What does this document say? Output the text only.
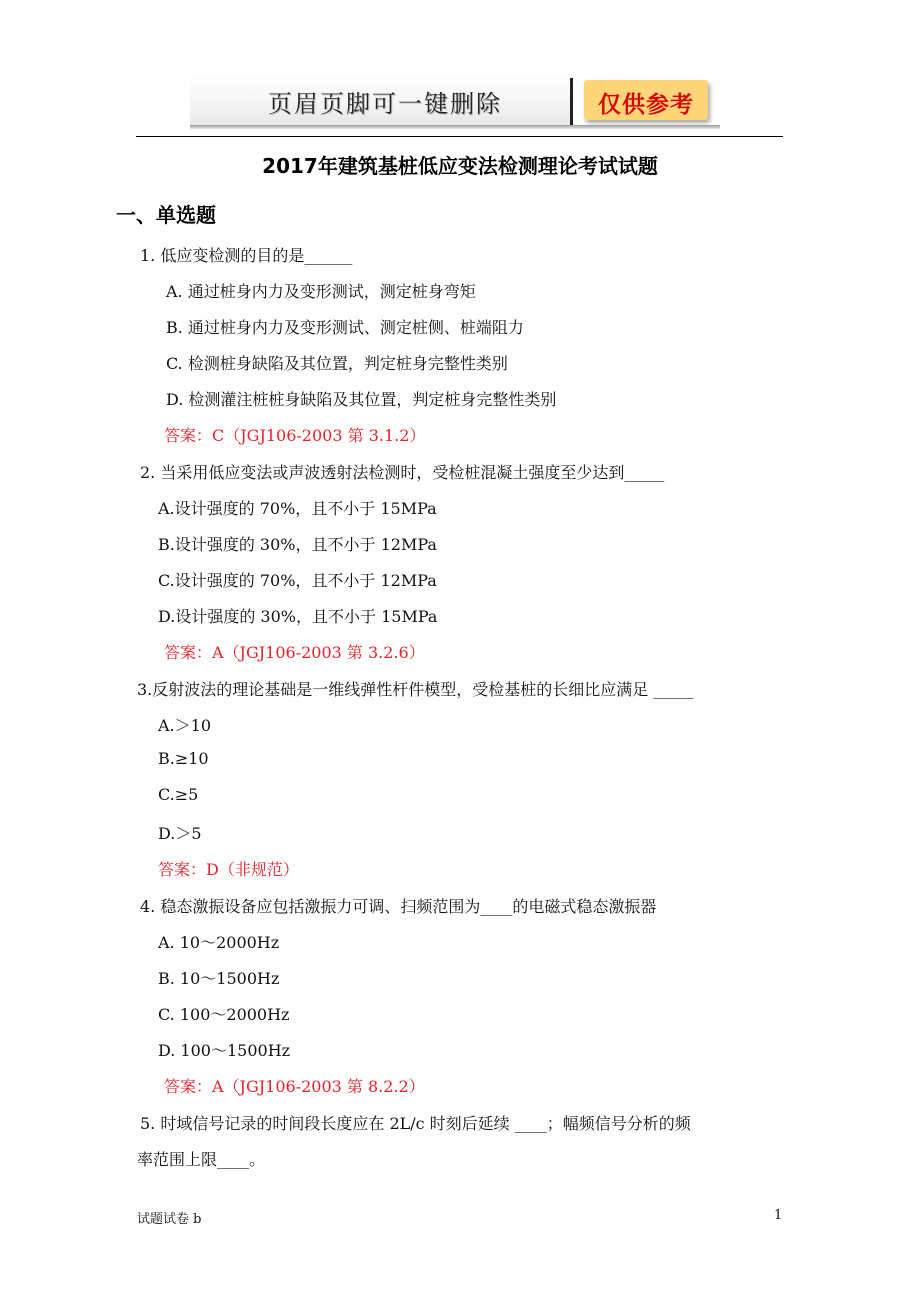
页眉页脚可一键删除	仅供参考
2017年建筑基桩低应变法检测理论考试试题
一、单选题
1. 低应变检测的目的是______
A. 通过桩身内力及变形测试，测定桩身弯矩
B. 通过桩身内力及变形测试、测定桩侧、桩端阻力
C. 检测桩身缺陷及其位置，判定桩身完整性类别
D. 检测灌注桩桩身缺陷及其位置，判定桩身完整性类别
答案：C（JGJ106-2003 第 3.1.2）
2. 当采用低应变法或声波透射法检测时，受检桩混凝土强度至少达到_____
A.设计强度的 70%，且不小于 15MPa
B.设计强度的 30%，且不小于 12MPa
C.设计强度的 70%，且不小于 12MPa
D.设计强度的 30%，且不小于 15MPa
答案：A（JGJ106-2003 第 3.2.6）
3.反射波法的理论基础是一维线弹性杆件模型，受检基桩的长细比应满足 _____
A.＞10
B.≥10
C.≥5
D.＞5
答案：D（非规范）
4. 稳态激振设备应包括激振力可调、扫频范围为____的电磁式稳态激振器
A. 10～2000Hz
B. 10～1500Hz
C. 100～2000Hz
D. 100～1500Hz
答案：A（JGJ106-2003 第 8.2.2）
5. 时域信号记录的时间段长度应在 2L/c 时刻后延续 ____；幅频信号分析的频
率范围上限____。
试题试卷 b	1
